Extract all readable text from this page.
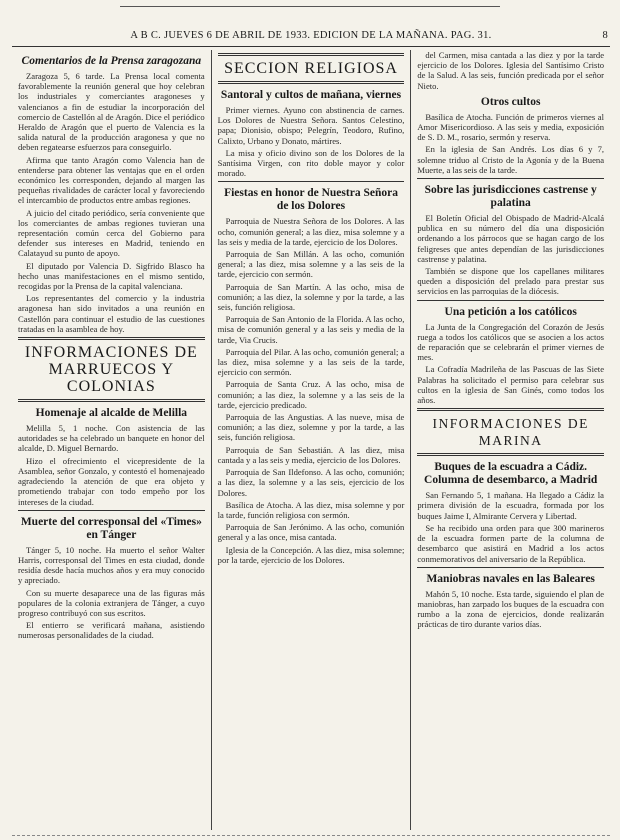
A B C. JUEVES 6 DE ABRIL DE 1933. EDICION DE LA MAÑANA. PAG. 31.	8
Comentarios de la Prensa zaragozana

Zaragoza 5, 6 tarde. La Prensa local comenta favorablemente la reunión general que hoy celebran los industriales y comerciantes aragoneses y valencianos a fin de estudiar la incorporación del comercio de Castellón al de Aragón. Dice el periódico Heraldo de Aragón que el puerto de Valencia es la salida natural de la producción aragonesa y que no deben regatearse esfuerzos para conseguirlo.

Afirma que tanto Aragón como Valencia han de entenderse para obtener las ventajas que en el orden económico les corresponden, dejando al margen las pequeñas rivalidades de carácter local y favoreciendo el intercambio de productos entre ambas regiones.

A juicio del citado periódico, sería conveniente que los comerciantes de ambas regiones tuvieran una representación común cerca del Gobierno para defender sus intereses en Madrid, teniendo en Calatayud su punto de apoyo.

El diputado por Valencia D. Sigfrido Blasco ha hecho unas manifestaciones en el mismo sentido, recogidas por la Prensa de la capital valenciana.

Los representantes del comercio y la industria aragonesa han sido invitados a una reunión en Castellón para continuar el estudio de las cuestiones tratadas en la asamblea de hoy.

INFORMACIONES DE MARRUECOS Y COLONIAS
Homenaje al alcalde de Melilla

Melilla 5, 1 noche. Con asistencia de las autoridades se ha celebrado un banquete en honor del alcalde, D. Miguel Bernardo.

Hizo el ofrecimiento el vicepresidente de la Asamblea, señor Gonzalo, y contestó el homenajeado agradeciendo la atención de que era objeto y prometiendo trabajar con todo empeño por los intereses de la ciudad.

Muerte del corresponsal del «Times» en Tánger

Tánger 5, 10 noche. Ha muerto el señor Walter Harris, corresponsal del Times en esta ciudad, donde residía desde hacía muchos años y era muy conocido y apreciado.

Con su muerte desaparece una de las figuras más populares de la colonia extranjera de Tánger, a cuyo progreso contribuyó con sus escritos.

El entierro se verificará mañana, asistiendo numerosas personalidades de la ciudad.

SECCION RELIGIOSA
Santoral y cultos de mañana, viernes

Primer viernes. Ayuno con abstinencia de carnes. Los Dolores de Nuestra Señora. Santos Celestino, papa; Dionisio, obispo; Pelegrín, Teodoro, Rufino, Calixto, Urbano y Donato, mártires.

La misa y oficio divino son de los Dolores de la Santísima Virgen, con rito doble mayor y color morado.

Fiestas en honor de Nuestra Señora de los Dolores

Parroquia de Nuestra Señora de los Dolores. A las ocho, comunión general; a las diez, misa solemne y a las seis y media de la tarde, ejercicio de los Dolores.

Parroquia de San Millán. A las ocho, comunión general; a las diez, misa solemne y a las seis de la tarde, ejercicio con sermón.

Parroquia de San Martín. A las ocho, misa de comunión; a las diez, la solemne y por la tarde, a las seis, función religiosa.

Parroquia de San Antonio de la Florida. A las ocho, misa de comunión general y a las seis y media de la tarde, Via Crucis.

Parroquia del Pilar. A las ocho, comunión general; a las diez, misa solemne y a las seis de la tarde, ejercicio con sermón.

Parroquia de Santa Cruz. A las ocho, misa de comunión; a las diez, la solemne y a las seis de la tarde, ejercicio predicado.

Parroquia de las Angustias. A las nueve, misa de comunión; a las diez, solemne y por la tarde, a las seis, función religiosa.

Parroquia de San Sebastián. A las diez, misa cantada y a las seis y media, ejercicio de los Dolores.

Parroquia de San Ildefonso. A las ocho, comunión; a las diez, la solemne y a las seis, ejercicio de los Dolores.

Basílica de Atocha. A las diez, misa solemne y por la tarde, función religiosa con sermón.

Parroquia de San Jerónimo. A las ocho, comunión general y a las once, misa cantada.

Iglesia de la Concepción. A las diez, misa solemne; por la tarde, ejercicio de los Dolores.

del Carmen, misa cantada a las diez y por la tarde ejercicio de los Dolores. Iglesia del Santísimo Cristo de la Salud. A las seis, función predicada por el señor Nieto.

Otros cultos

Basílica de Atocha. Función de primeros viernes al Amor Misericordioso. A las seis y media, exposición de S. D. M., rosario, sermón y reserva.

En la iglesia de San Andrés. Los días 6 y 7, solemne triduo al Cristo de la Agonía y de la Buena Muerte, a las seis de la tarde.

Sobre las jurisdicciones castrense y palatina

El Boletín Oficial del Obispado de Madrid-Alcalá publica en su número del día una disposición ordenando a los párrocos que se hagan cargo de los feligreses que antes dependían de las jurisdicciones castrense y palatina.

También se dispone que los capellanes militares queden a disposición del prelado para prestar sus servicios en las parroquias de la diócesis.

Una petición a los católicos

La Junta de la Congregación del Corazón de Jesús ruega a todos los católicos que se asocien a los actos de reparación que se celebrarán el primer viernes de mes.

La Cofradía Madrileña de las Pascuas de las Siete Palabras ha solicitado el permiso para celebrar sus cultos en la iglesia de San Ginés, como todos los años.

INFORMACIONES DE MARINA
Buques de la escuadra a Cádiz. Columna de desembarco, a Madrid

San Fernando 5, 1 mañana. Ha llegado a Cádiz la primera división de la escuadra, formada por los buques Jaime I, Almirante Cervera y Libertad.

Se ha recibido una orden para que 300 marineros de la escuadra formen parte de la columna de desembarco que asistirá en Madrid a los actos conmemorativos del aniversario de la República.

Maniobras navales en las Baleares

Mahón 5, 10 noche. Esta tarde, siguiendo el plan de maniobras, han zarpado los buques de la escuadra con rumbo a la zona de ejercicios, donde realizarán prácticas de tiro durante varios días.
